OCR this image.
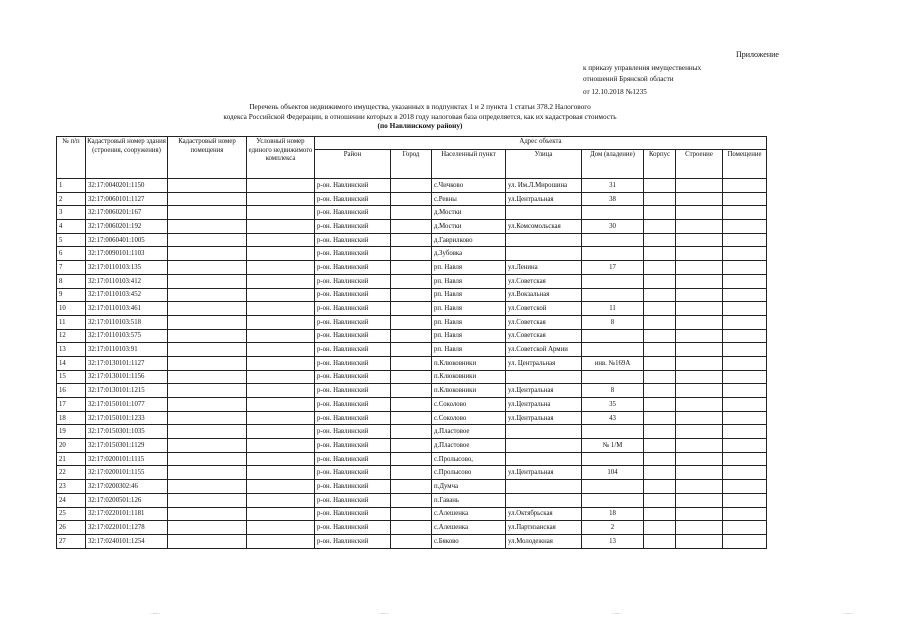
Приложение
к приказу управления имущественных
отношений Брянской области
от 12.10.2018 №1235
Перечень объектов недвижимого имущества, указанных в подпунктах 1 и 2 пункта 1 статьи 378.2 Налогового
кодекса Российской Федерации, в отношении которых в 2018 году налоговая база определяется, как их кадастровая стоимость
(по Навлинскому району)
№ п/п	Кадастровый номер здания (строения, сооружения)	Кадастровый номер помещения	Условный номер единого недвижимого комплекса	Адрес объекта							
				Район	Город	Населенный пункт	Улица	Дом (владение)	Корпус	Строение	Помещение
1	32:17:0040201:1150			р-он. Навлинский		с.Чичково	ул. Им.Л.Мирошина	31			
2	32:17:0060101:1127			р-он. Навлинский		с.Ревны	ул.Центральная	38			
3	32:17:0060201:167			р-он. Навлинский		д.Мостки					
4	32:17:0060201:192			р-он. Навлинский		д.Мостки	ул.Комсомольская	30			
5	32:17:0060401:1005			р-он. Навлинский		д.Гаврилково					
6	32:17:0090101:1103			р-он. Навлинский		д.Зубовка					
7	32:17:0110103:135			р-он. Навлинский		рп. Навля	ул.Ленина	17			
8	32:17:0110103:412			р-он. Навлинский		рп. Навля	ул.Советская				
9	32:17:0110103:452			р-он. Навлинский		рп. Навля	ул.Вокзальная				
10	32:17:0110103:461			р-он. Навлинский		рп. Навля	ул.Советской	11			
11	32:17:0110103:518			р-он. Навлинский		рп. Навля	ул.Советская	8			
12	32:17:0110103:575			р-он. Навлинский		рп. Навля	ул.Советская				
13	32:17:0110103:91			р-он. Навлинский		рп. Навля	ул.Советской Армии				
14	32:17:0130101:1127			р-он. Навлинский		п.Клюковники	ул. Центральная	инв. №169А			
15	32:17:0130101:1156			р-он. Навлинский		п.Клюковники					
16	32:17:0130101:1215			р-он. Навлинский		п.Клюковники	ул.Центральная	8			
17	32:17:0150101:1077			р-он. Навлинский		с.Соколово	ул.Центральна	35			
18	32:17:0150101:1233			р-он. Навлинский		с.Соколово	ул.Центральная	43			
19	32:17:0150301:1035			р-он. Навлинский		д.Пластовое					
20	32:17:0150301:1129			р-он. Навлинский		д.Пластовое		№ 1/М			
21	32:17:0200101:1115			р-он. Навлинский		с.Пролысово,					
22	32:17:0200101:1155			р-он. Навлинский		с.Пролысово	ул.Центральная	104			
23	32:17:0200302:46			р-он. Навлинский		п.Думча					
24	32:17:0200501:126			р-он. Навлинский		п.Гавань					
25	32:17:0220101:1181			р-он. Навлинский		с.Алешенка	ул.Октябрьская	18			
26	32:17:0220101:1278			р-он. Навлинский		с.Алешенка	ул.Партизанская	2			
27	32:17:0240101:1254			р-он. Навлинский		с.Бяково	ул.Молодежная	13			
·—·	·—·	·—·	·—·
